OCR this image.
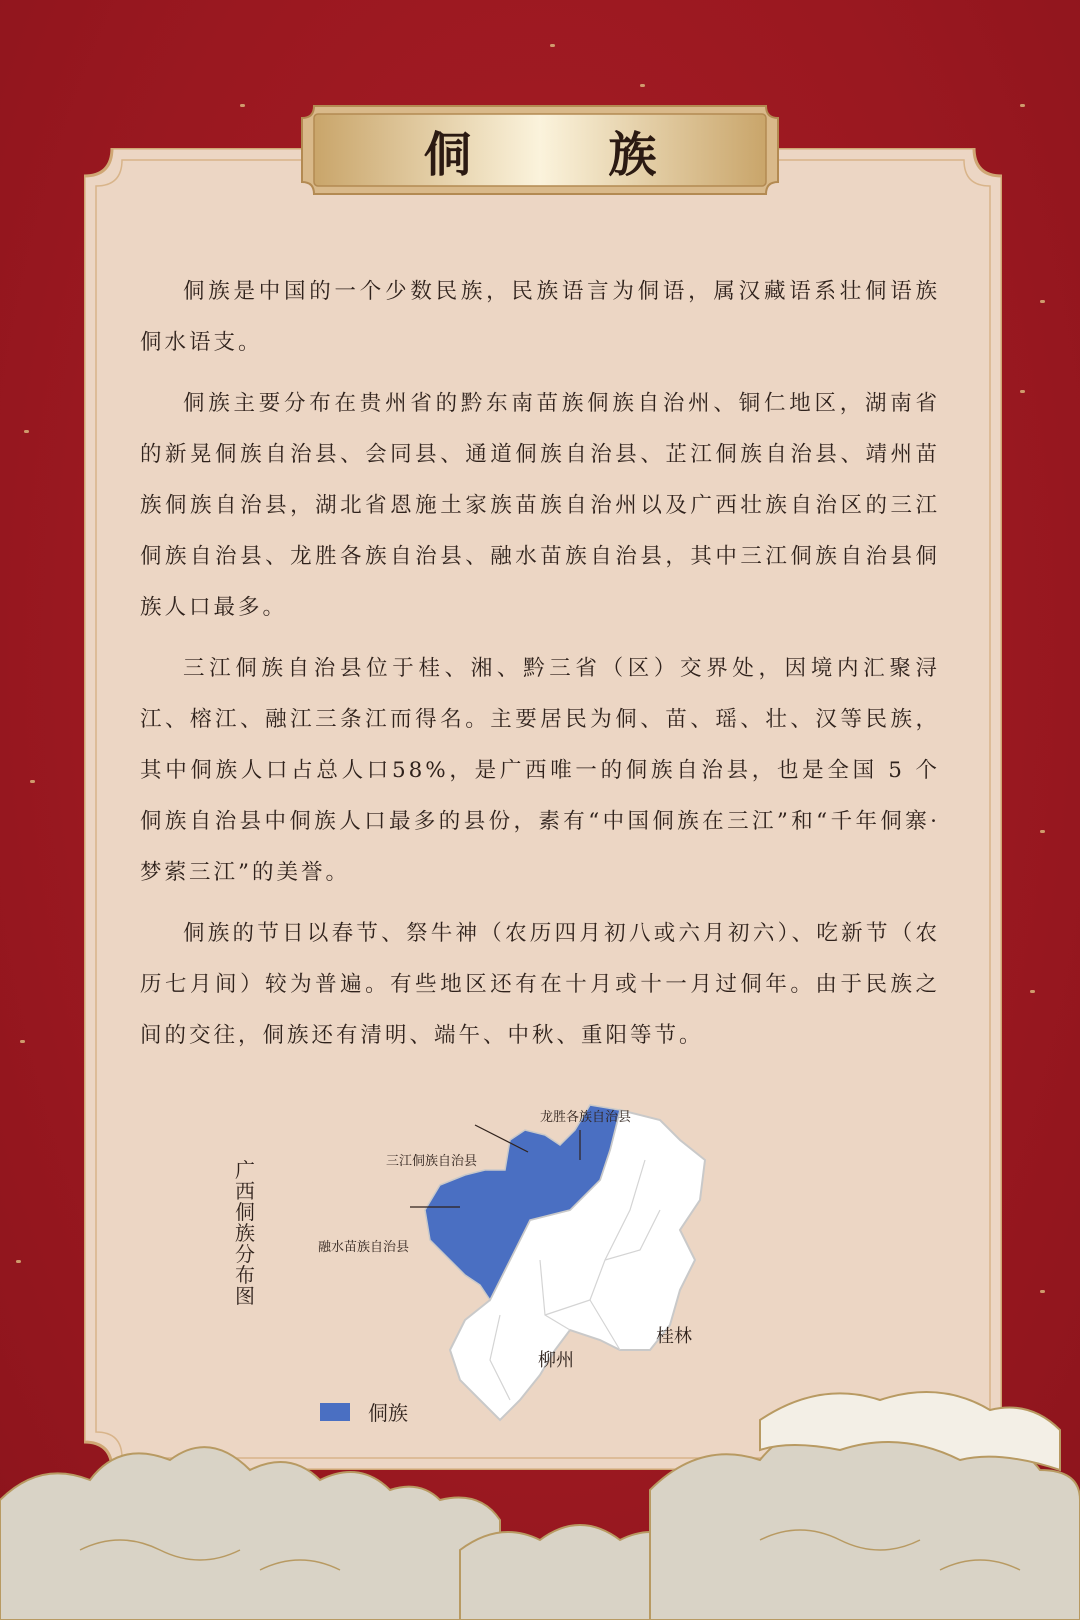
侗 族

侗族是中国的一个少数民族，民族语言为侗语，属汉藏语系壮侗语族侗水语支。

侗族主要分布在贵州省的黔东南苗族侗族自治州、铜仁地区，湖南省的新晃侗族自治县、会同县、通道侗族自治县、芷江侗族自治县、靖州苗族侗族自治县，湖北省恩施土家族苗族自治州以及广西壮族自治区的三江侗族自治县、龙胜各族自治县、融水苗族自治县，其中三江侗族自治县侗族人口最多。

三江侗族自治县位于桂、湘、黔三省（区）交界处，因境内汇聚浔江、榕江、融江三条江而得名。主要居民为侗、苗、瑶、壮、汉等民族，其中侗族人口占总人口58%，是广西唯一的侗族自治县，也是全国 5 个侗族自治县中侗族人口最多的县份，素有“中国侗族在三江”和“千年侗寨·梦萦三江”的美誉。

侗族的节日以春节、祭牛神（农历四月初八或六月初六）、吃新节（农历七月间）较为普遍。有些地区还有在十月或十一月过侗年。由于民族之间的交往，侗族还有清明、端午、中秋、重阳等节。

广西侗族分布图
龙胜各族自治县
三江侗族自治县
融水苗族自治县
柳州
桂林
侗族
